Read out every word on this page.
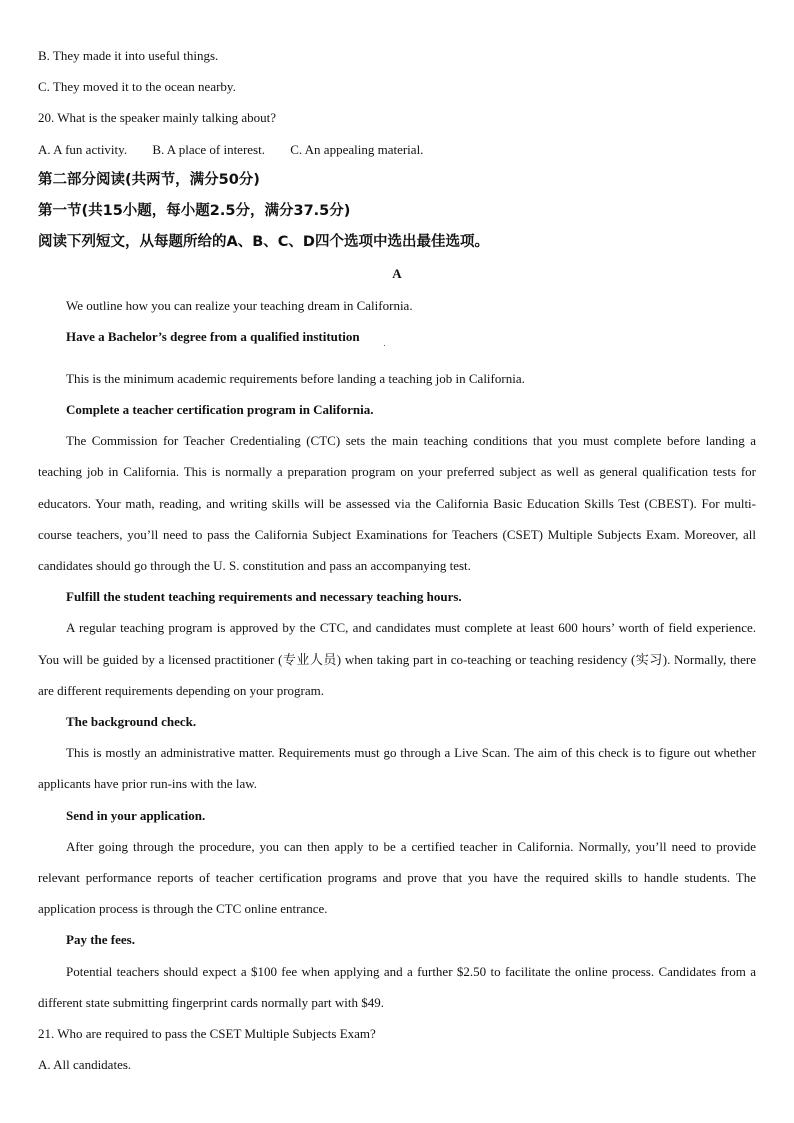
B. They made it into useful things.
C. They moved it to the ocean nearby.
20. What is the speaker mainly talking about?
A. A fun activity. B. A place of interest. C. An appealing material.
第二部分阅读(共两节，满分50分)
第一节(共15小题，每小题2.5分，满分37.5分)
阅读下列短文，从每题所给的A、B、C、D四个选项中选出最佳选项。
A
We outline how you can realize your teaching dream in California.
Have a Bachelor’s degree from a qualified institution
This is the minimum academic requirements before landing a teaching job in California.
Complete a teacher certification program in California.
The Commission for Teacher Credentialing (CTC) sets the main teaching conditions that you must complete before landing a teaching job in California. This is normally a preparation program on your preferred subject as well as general qualification tests for educators. Your math, reading, and writing skills will be assessed via the California Basic Education Skills Test (CBEST). For multi-course teachers, you’ll need to pass the California Subject Examinations for Teachers (CSET) Multiple Subjects Exam. Moreover, all candidates should go through the U. S. constitution and pass an accompanying test.
Fulfill the student teaching requirements and necessary teaching hours.
A regular teaching program is approved by the CTC, and candidates must complete at least 600 hours’ worth of field experience. You will be guided by a licensed practitioner (专业人员) when taking part in co-teaching or teaching residency (实习). Normally, there are different requirements depending on your program.
The background check.
This is mostly an administrative matter. Requirements must go through a Live Scan. The aim of this check is to figure out whether applicants have prior run-ins with the law.
Send in your application.
After going through the procedure, you can then apply to be a certified teacher in California. Normally, you’ll need to provide relevant performance reports of teacher certification programs and prove that you have the required skills to handle students. The application process is through the CTC online entrance.
Pay the fees.
Potential teachers should expect a $100 fee when applying and a further $2.50 to facilitate the online process. Candidates from a different state submitting fingerprint cards normally part with $49.
21. Who are required to pass the CSET Multiple Subjects Exam?
A. All candidates.
